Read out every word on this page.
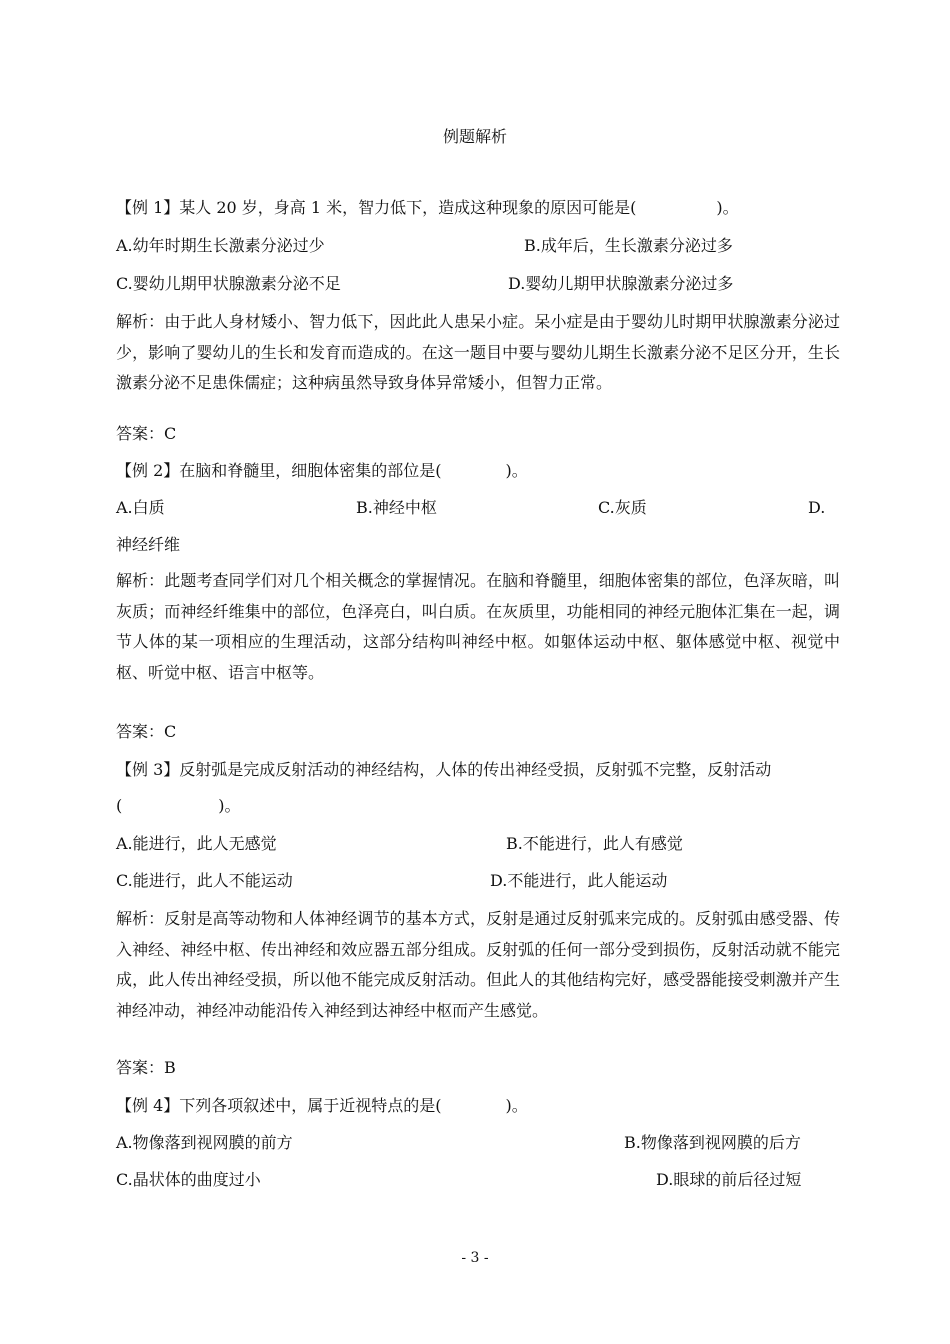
例题解析
【例 1】某人 20 岁，身高 1 米，智力低下，造成这种现象的原因可能是(　　　　　)。
A.幼年时期生长激素分泌过少	B.成年后，生长激素分泌过多
C.婴幼儿期甲状腺激素分泌不足	D.婴幼儿期甲状腺激素分泌过多
解析：由于此人身材矮小、智力低下，因此此人患呆小症。呆小症是由于婴幼儿时期甲状腺激素分泌过少，影响了婴幼儿的生长和发育而造成的。在这一题目中要与婴幼儿期生长激素分泌不足区分开，生长激素分泌不足患侏儒症；这种病虽然导致身体异常矮小，但智力正常。
答案：C
【例 2】在脑和脊髓里，细胞体密集的部位是(　　　　)。
A.白质	B.神经中枢	C.灰质	D.
神经纤维
解析：此题考查同学们对几个相关概念的掌握情况。在脑和脊髓里，细胞体密集的部位，色泽灰暗，叫灰质；而神经纤维集中的部位，色泽亮白，叫白质。在灰质里，功能相同的神经元胞体汇集在一起，调节人体的某一项相应的生理活动，这部分结构叫神经中枢。如躯体运动中枢、躯体感觉中枢、视觉中枢、听觉中枢、语言中枢等。
答案：C
【例 3】反射弧是完成反射活动的神经结构，人体的传出神经受损，反射弧不完整，反射活动
(　　　　　　)。
A.能进行，此人无感觉	B.不能进行，此人有感觉
C.能进行，此人不能运动	D.不能进行，此人能运动
解析：反射是高等动物和人体神经调节的基本方式，反射是通过反射弧来完成的。反射弧由感受器、传入神经、神经中枢、传出神经和效应器五部分组成。反射弧的任何一部分受到损伤，反射活动就不能完成，此人传出神经受损，所以他不能完成反射活动。但此人的其他结构完好，感受器能接受刺激并产生神经冲动，神经冲动能沿传入神经到达神经中枢而产生感觉。
答案：B
【例 4】下列各项叙述中，属于近视特点的是(　　　　)。
A.物像落到视网膜的前方	B.物像落到视网膜的后方
C.晶状体的曲度过小	D.眼球的前后径过短
- 3 -
